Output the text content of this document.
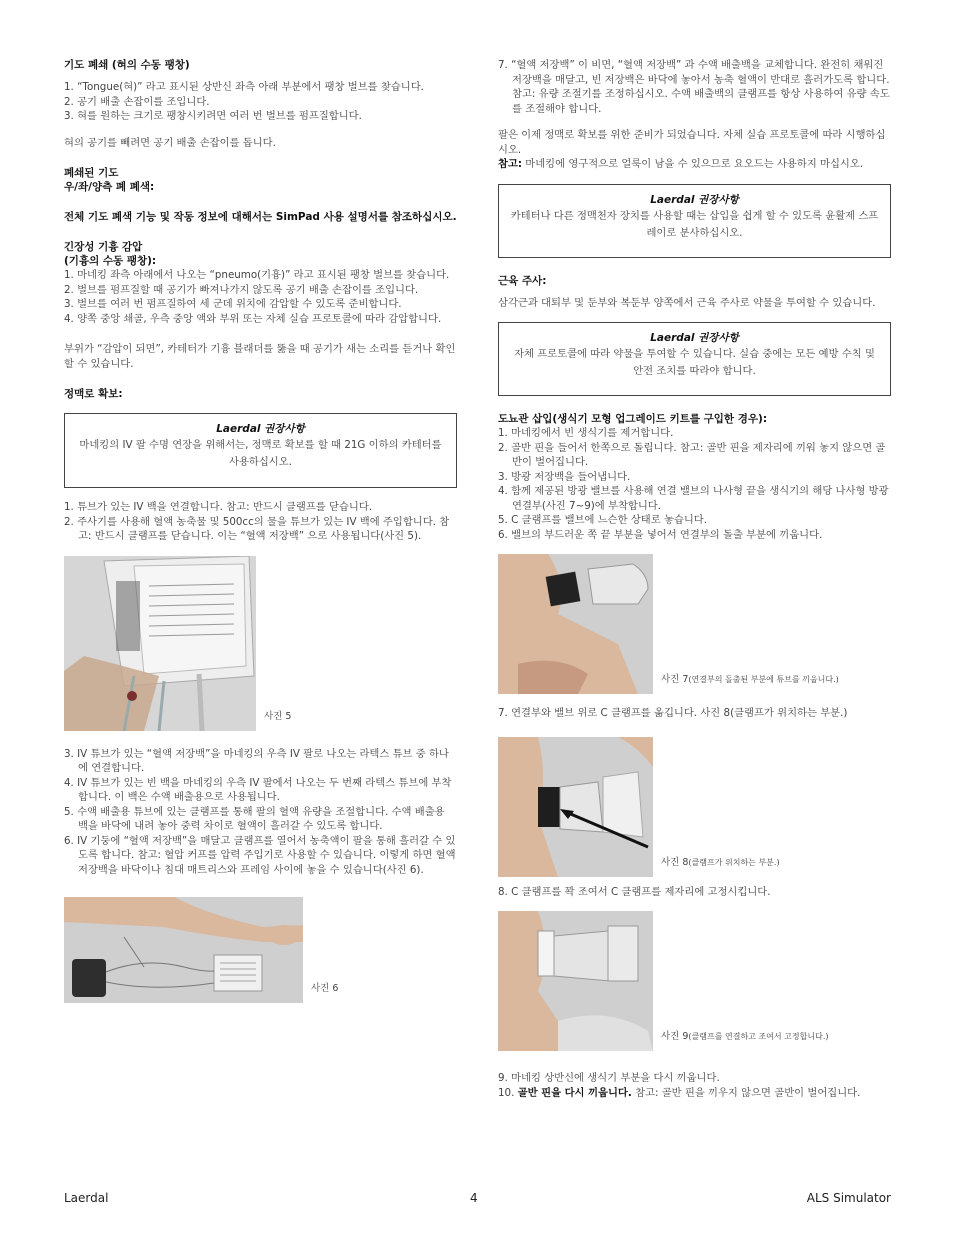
기도 폐쇄 (혀의 수동 팽창)

1. “Tongue(혀)” 라고 표시된 상반신 좌측 아래 부분에서 팽창 벌브를 찾습니다.
2. 공기 배출 손잡이를 조입니다.
3. 혀를 원하는 크기로 팽창시키려면 여러 번 벌브를 펌프질합니다.

혀의 공기를 빼려면 공기 배출 손잡이를 돕니다.

폐쇄된 기도

우/좌/양측 폐 폐색:

전체 기도 폐색 기능 및 작동 정보에 대해서는 SimPad 사용 설명서를 참조하십시오.

긴장성 기흉 감압

(기흉의 수동 팽창):

1. 마네킹 좌측 아래에서 나오는 “pneumo(기흉)” 라고 표시된 팽창 벌브를 찾습니다.
2. 벌브를 펌프질할 때 공기가 빠져나가지 않도록 공기 배출 손잡이를 조입니다.
3. 벌브를 여러 번 펌프질하여 세 군데 위치에 감압할 수 있도록 준비합니다.
4. 양쪽 중앙 쇄골, 우측 중앙 액와 부위 또는 자체 실습 프로토콜에 따라 감압합니다.

부위가 “감압이 되면”, 카테터가 기흉 블래더를 뚫을 때 공기가 새는 소리를 듣거나 확인할 수 있습니다.

정맥로 확보:

Laerdal 권장사항
마네킹의 IV 팔 수명 연장을 위해서는, 정맥로 확보를 할 때 21G 이하의 카테터를 사용하십시오.
1. 튜브가 있는 IV 백을 연결합니다. 참고: 반드시 클램프를 닫습니다.
2. 주사기를 사용해 혈액 농축물 및 500cc의 물을 튜브가 있는 IV 백에 주입합니다. 참고: 반드시 클램프를 닫습니다. 이는 “혈액 저장백” 으로 사용됩니다(사진 5).
사진 5
3. IV 튜브가 있는 “혈액 저장백”을 마네킹의 우측 IV 팔로 나오는 라텍스 튜브 중 하나에 연결합니다.
4. IV 튜브가 있는 빈 백을 마네킹의 우측 IV 팔에서 나오는 두 번째 라텍스 튜브에 부착합니다. 이 백은 수액 배출용으로 사용됩니다.
5. 수액 배출용 튜브에 있는 클램프를 통해 팔의 혈액 유량을 조절합니다. 수액 배출용 백을 바닥에 내려 놓아 중력 차이로 혈액이 흘러갈 수 있도록 합니다.
6. IV 기둥에 “혈액 저장백”을 매달고 클램프를 열어서 농축액이 팔을 통해 흘러갈 수 있도록 합니다. 참고: 혈압 커프를 압력 주입기로 사용할 수 있습니다. 이렇게 하면 혈액 저장백을 바닥이나 침대 매트리스와 프레임 사이에 놓을 수 있습니다(사진 6).
사진 6
7. “혈액 저장백” 이 비면, “혈액 저장백” 과 수액 배출백을 교체합니다. 완전히 채워진 저장백을 매달고, 빈 저장백은 바닥에 놓아서 농축 혈액이 반대로 흘러가도록 합니다. 참고: 유량 조절기를 조정하십시오. 수액 배출백의 클램프를 항상 사용하여 유량 속도를 조절해야 합니다.

팔은 이제 정맥로 확보를 위한 준비가 되었습니다. 자체 실습 프로토콜에 따라 시행하십시오.

참고: 마네킹에 영구적으로 얼룩이 남을 수 있으므로 요오드는 사용하지 마십시오.

Laerdal 권장사항
카테터나 다른 정맥천자 장치를 사용할 때는 삽입을 쉽게 할 수 있도록 윤활제 스프레이로 분사하십시오.

근육 주사:

삼각근과 대퇴부 및 둔부와 복둔부 양쪽에서 근육 주사로 약물을 투여할 수 있습니다.

Laerdal 권장사항
자체 프로토콜에 따라 약물을 투여할 수 있습니다. 실습 중에는 모든 예방 수칙 및 안전 조치를 따라야 합니다.

도뇨관 삽입(생식기 모형 업그레이드 키트를 구입한 경우):

1. 마네킹에서 빈 생식기를 제거합니다.
2. 골반 핀을 들어서 한쪽으로 돌립니다. 참고: 골반 핀을 제자리에 끼워 놓지 않으면 골반이 벌어집니다.
3. 방광 저장백을 들어냅니다.
4. 함께 제공된 방광 밸브를 사용해 연결 밸브의 나사형 끝을 생식기의 해당 나사형 방광 연결부(사진 7~9)에 부착합니다.
5. C 클램프를 밸브에 느슨한 상태로 놓습니다.
6. 밸브의 부드러운 쪽 끝 부분을 넣어서 연결부의 돌출 부분에 끼웁니다.
사진 7(연결부의 돌출된 부분에 튜브를 끼웁니다.)
7. 연결부와 밸브 위로 C 클램프를 옮깁니다. 사진 8(클램프가 위치하는 부분.)
사진 8(클램프가 위치하는 부분.)
8. C 클램프를 꽉 조여서 C 클램프를 제자리에 고정시킵니다.
사진 9(클램프를 연결하고 조여서 고정합니다.)
9. 마네킹 상반신에 생식기 부분을 다시 끼웁니다.
10. 골반 핀을 다시 끼웁니다. 참고: 골반 핀을 끼우지 않으면 골반이 벌어집니다.
Laerdal	4	ALS Simulator
